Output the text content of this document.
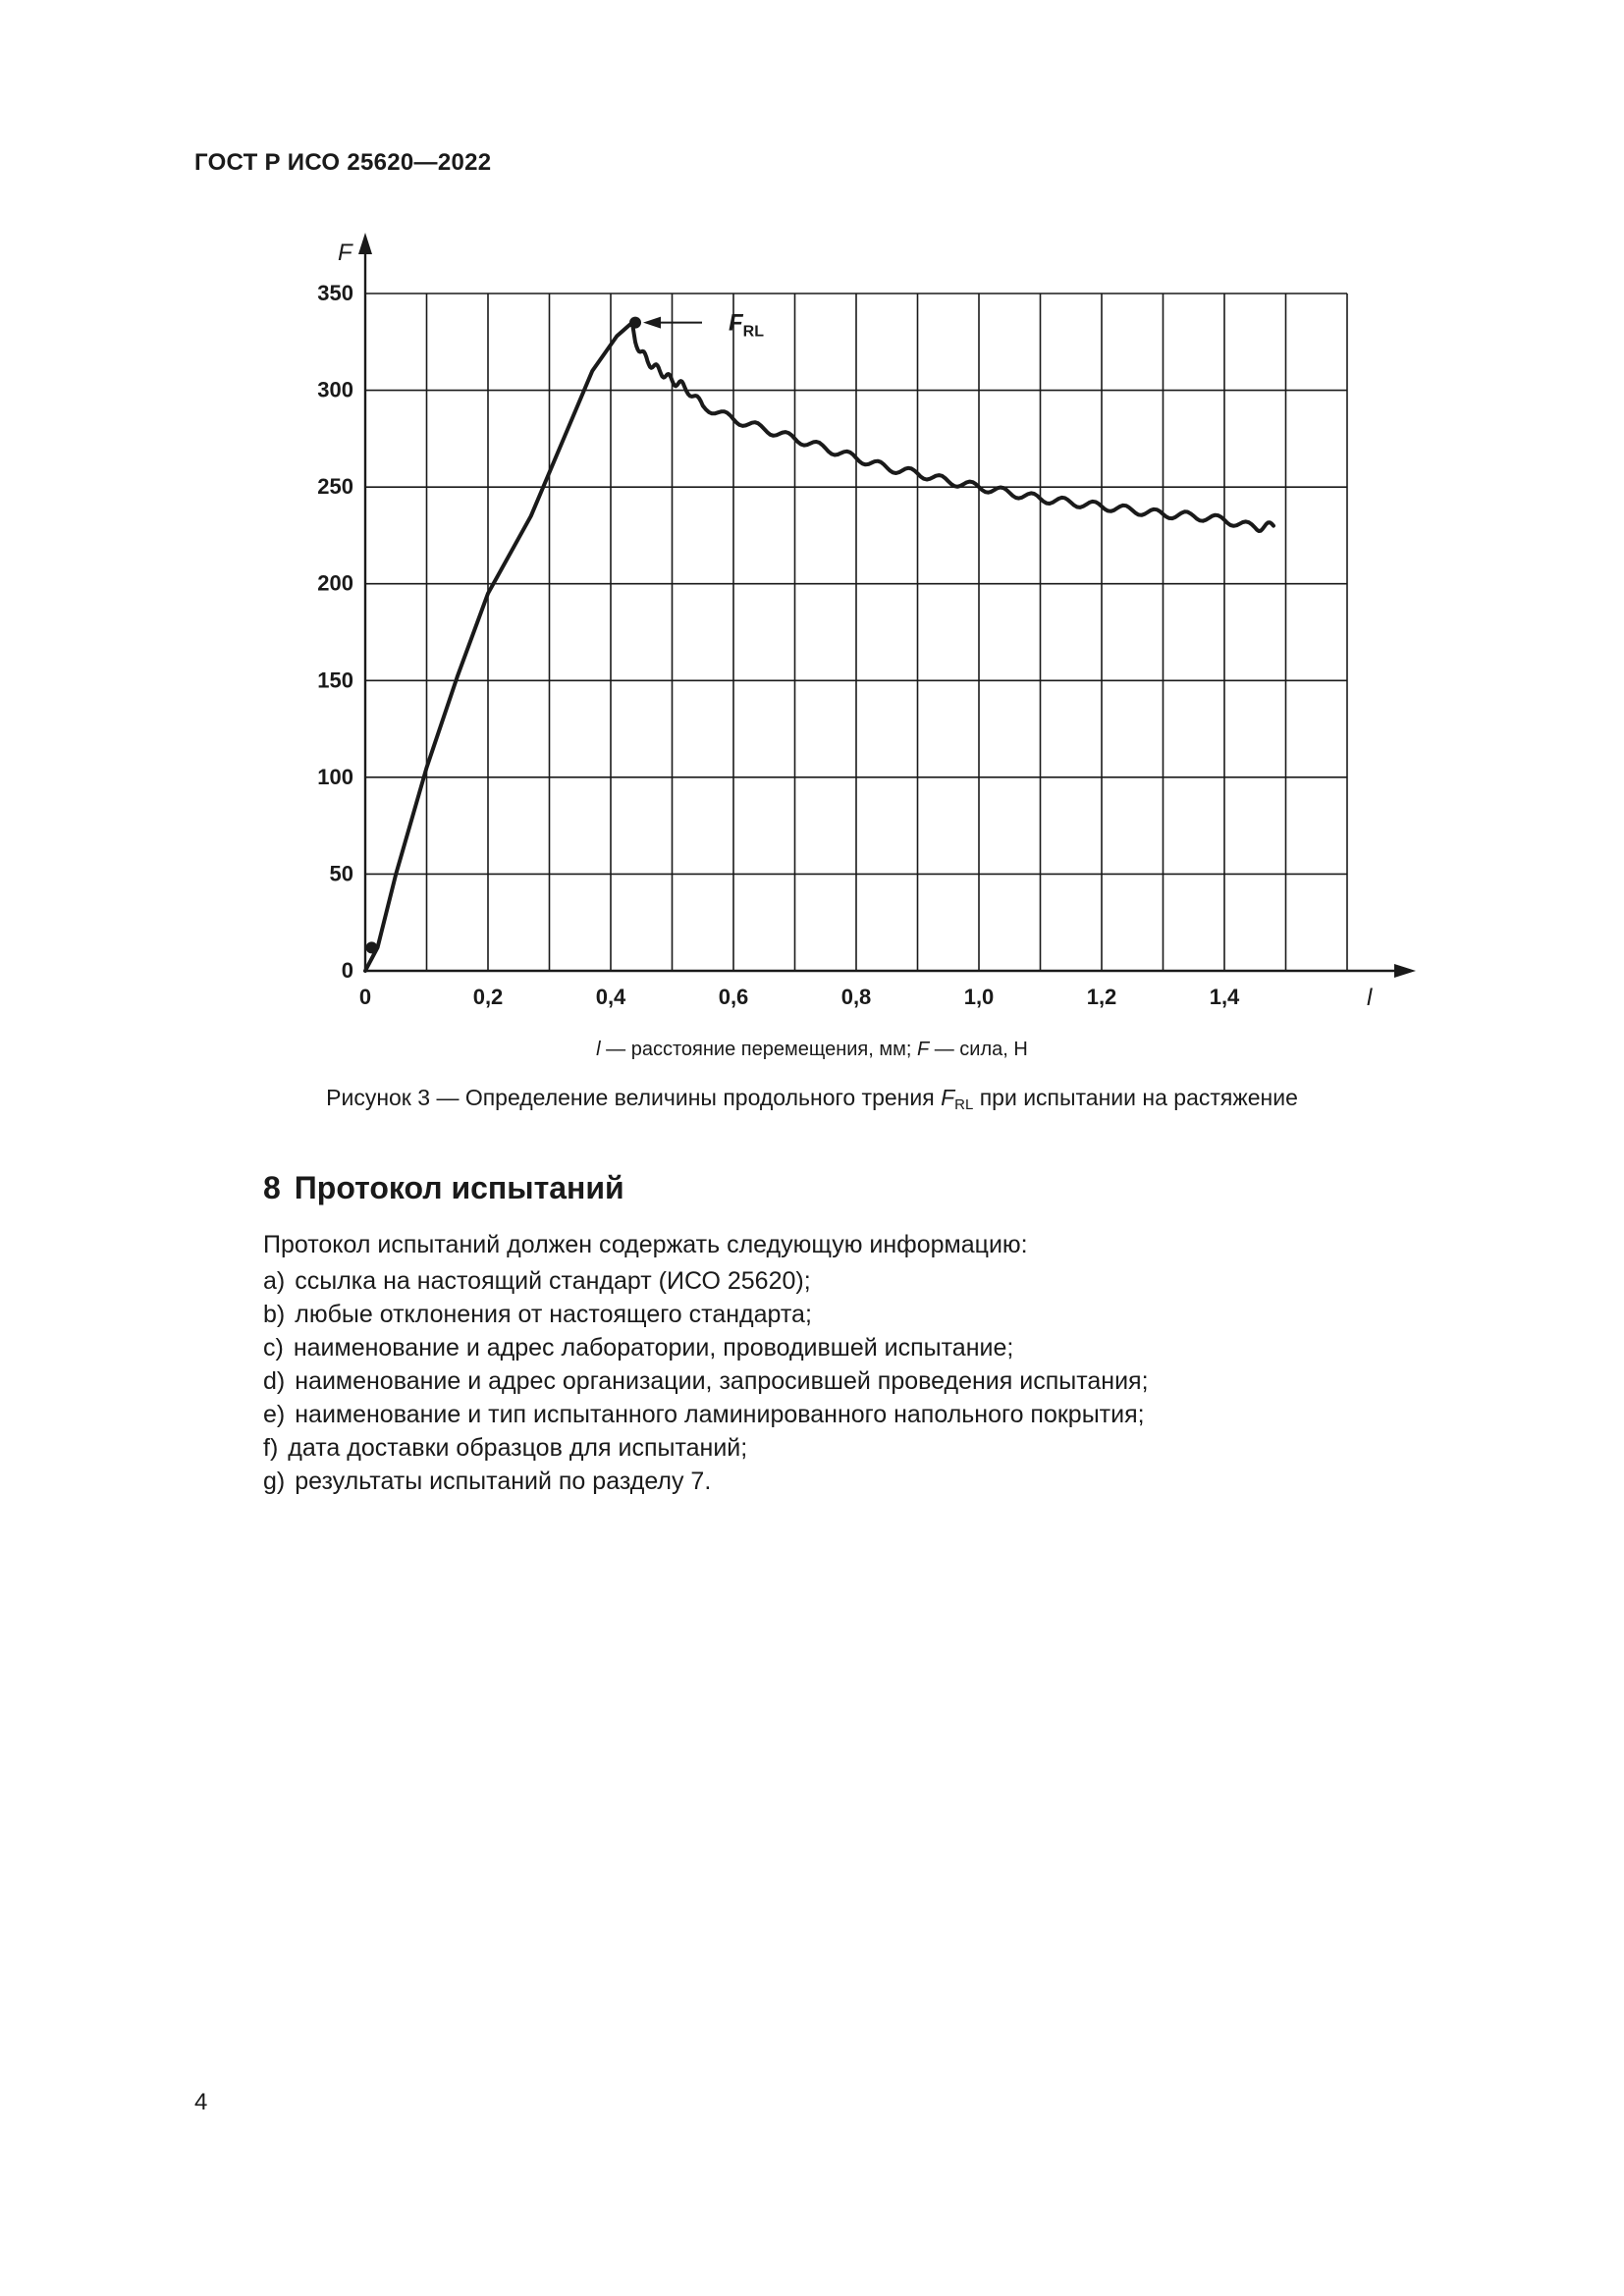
ГОСТ Р ИСО 25620—2022
l
F
0	0,2	0,4	0,6	0,8	1,0	1,2	1,4
0
50
100
150
200
250
300
350
$F_{RL}$
l — расстояние перемещения, мм; F — сила, Н
Рисунок 3 — Определение величины продольного трения $F_{RL}$ при испытании на растяжение
8 Протокол испытаний
Протокол испытаний должен содержать следующую информацию:
a) ссылка на настоящий стандарт (ИСО 25620);
b) любые отклонения от настоящего стандарта;
c) наименование и адрес лаборатории, проводившей испытание;
d) наименование и адрес организации, запросившей проведения испытания;
e) наименование и тип испытанного ламинированного напольного покрытия;
f) дата доставки образцов для испытаний;
g) результаты испытаний по разделу 7.
4
